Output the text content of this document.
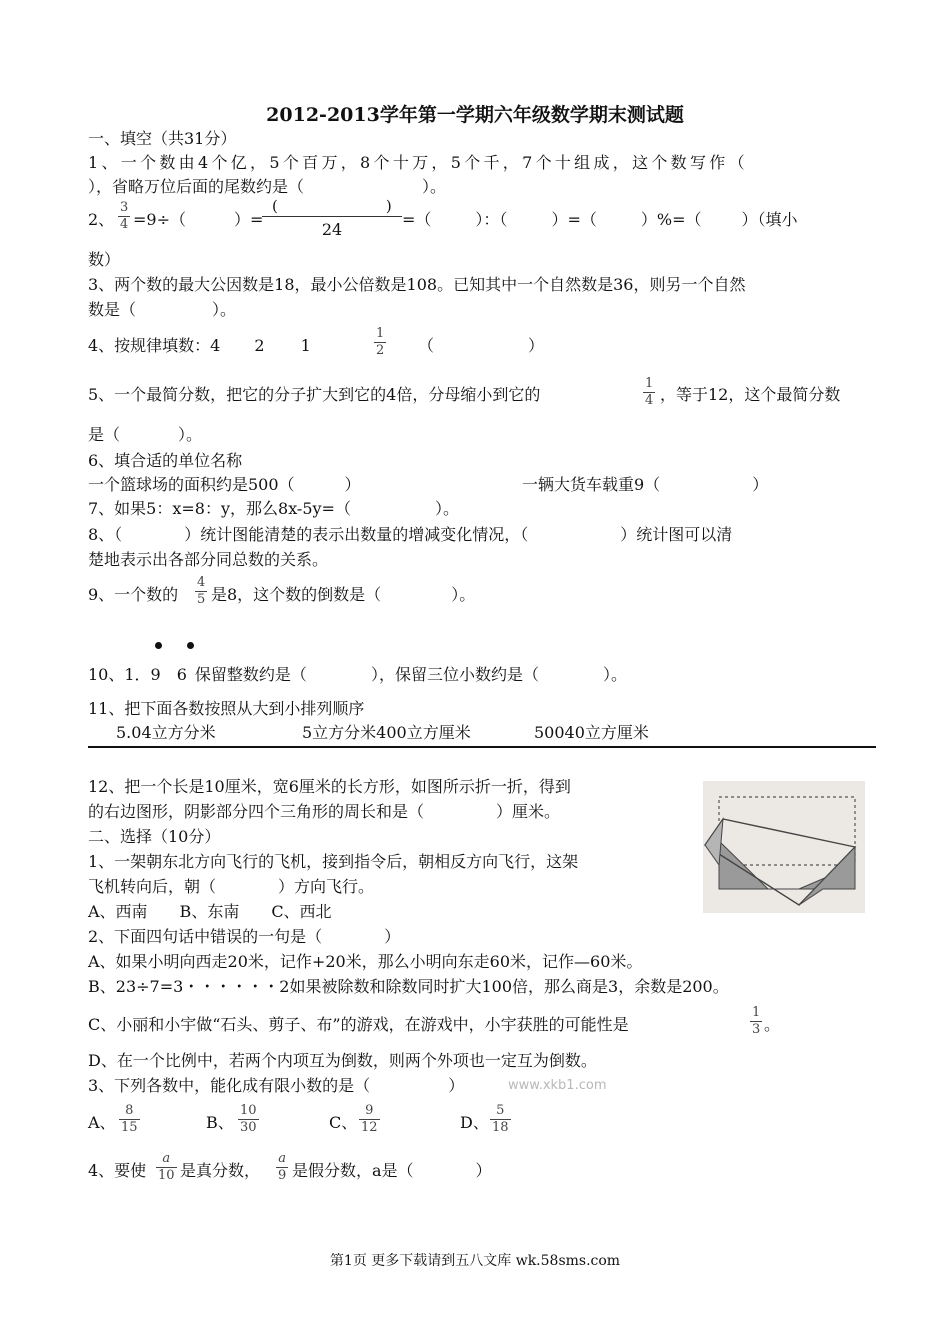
2012-2013学年第一学期六年级数学期末测试题
一、填空（共31分）
1、一个数由4个亿，5个百万，8个十万，5个千，7个十组成，这个数写作（
），省略万位后面的尾数约是（	）。
2、 $\frac{3}{4} =9\div$（	）=
(	)
24
=（	）：（	）=（	）%=（	）（填小
数）
3、两个数的最大公因数是18，最小公倍数是108。已知其中一个自然数是36，则另一个自然
数是（	）。
4、按规律填数：4 2 1	$\frac{1}{2}$ （	）
5、一个最简分数，把它的分子扩大到它的4倍，分母缩小到它的	$\frac{1}{4}$ ，等于12，这个最简分数
是（	）。
6、填合适的单位名称
一个篮球场的面积约是500（	）	一辆大货车载重9（	）
7、如果5：x=8：y，那么8x-5y=（	）。
8、（	）统计图能清楚的表示出数量的增减变化情况，（	）统计图可以清
楚地表示出各部分同总数的关系。
9、一个数的 $\frac{4}{5}$ 是8，这个数的倒数是（	）。
10、1．9 6 保留整数约是（	），保留三位小数约是（	）。
11、把下面各数按照从大到小排列顺序
5.04立方分米	5立方分米400立方厘米	50040立方厘米
12、把一个长是10厘米，宽6厘米的长方形，如图所示折一折，得到
的右边图形，阴影部分四个三角形的周长和是（	）厘米。
二、选择（10分）
1、一架朝东北方向飞行的飞机，接到指令后，朝相反方向飞行，这架
飞机转向后，朝（	）方向飞行。
A、西南　　B、东南　　C、西北
2、下面四句话中错误的一句是（	）
A、如果小明向西走20米，记作+20米，那么小明向东走60米，记作—60米。
B、23÷7=3・・・・・・2如果被除数和除数同时扩大100倍，那么商是3，余数是200。
C、小丽和小宇做“石头、剪子、布”的游戏，在游戏中，小宇获胜的可能性是	$\frac{1}{3}$ 。
D、在一个比例中，若两个内项互为倒数，则两个外项也一定互为倒数。
3、下列各数中，能化成有限小数的是（	）	www.xkb1.com
A、 $\frac{8}{15}$	B、 $\frac{10}{30}$	C、 $\frac{9}{12}$	D、 $\frac{5}{18}$
4、要使 $\frac{a}{10}$ 是真分数， $\frac{a}{9}$ 是假分数，a是（	）
第1页 更多下载请到五八文库 wk.58sms.com
